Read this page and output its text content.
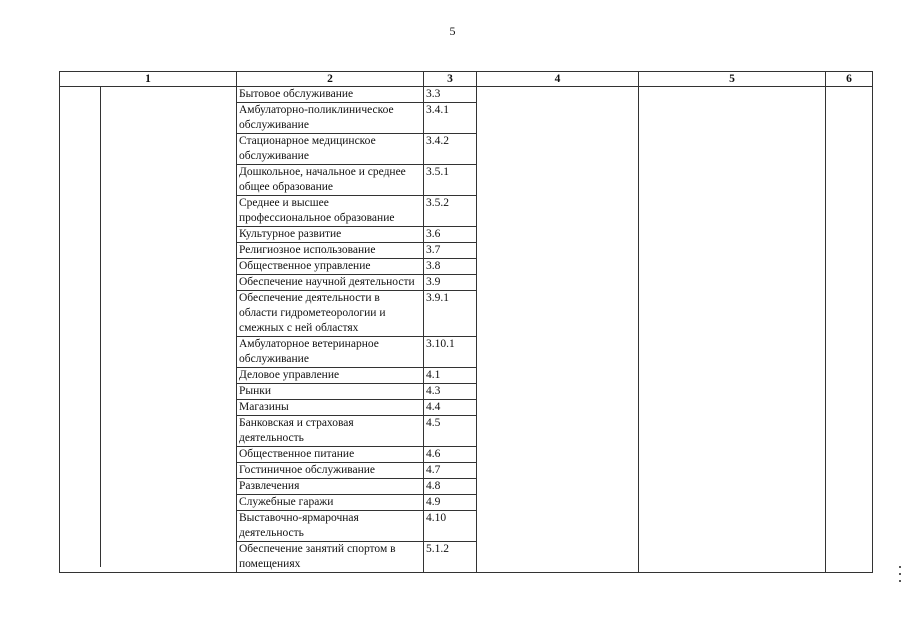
5
1	2	3	4	5	6

	Бытовое обслуживание	3.3			
	Амбулаторно-поликлиническое обслуживание	3.4.1			
	Стационарное медицинское обслуживание	3.4.2			
	Дошкольное, начальное и среднее общее образование	3.5.1			
	Среднее и высшее профессиональное образование	3.5.2			
	Культурное развитие	3.6			
	Религиозное использование	3.7			
	Общественное управление	3.8			
	Обеспечение научной деятельности	3.9			
	Обеспечение деятельности в области гидрометеорологии и смежных с ней областях	3.9.1			
	Амбулаторное ветеринарное обслуживание	3.10.1			
	Деловое управление	4.1			
	Рынки	4.3			
	Магазины	4.4			
	Банковская и страховая деятельность	4.5			
	Общественное питание	4.6			
	Гостиничное обслуживание	4.7			
	Развлечения	4.8			
	Служебные гаражи	4.9			
	Выставочно-ярмарочная деятельность	4.10			
	Обеспечение занятий спортом в помещениях	5.1.2			
